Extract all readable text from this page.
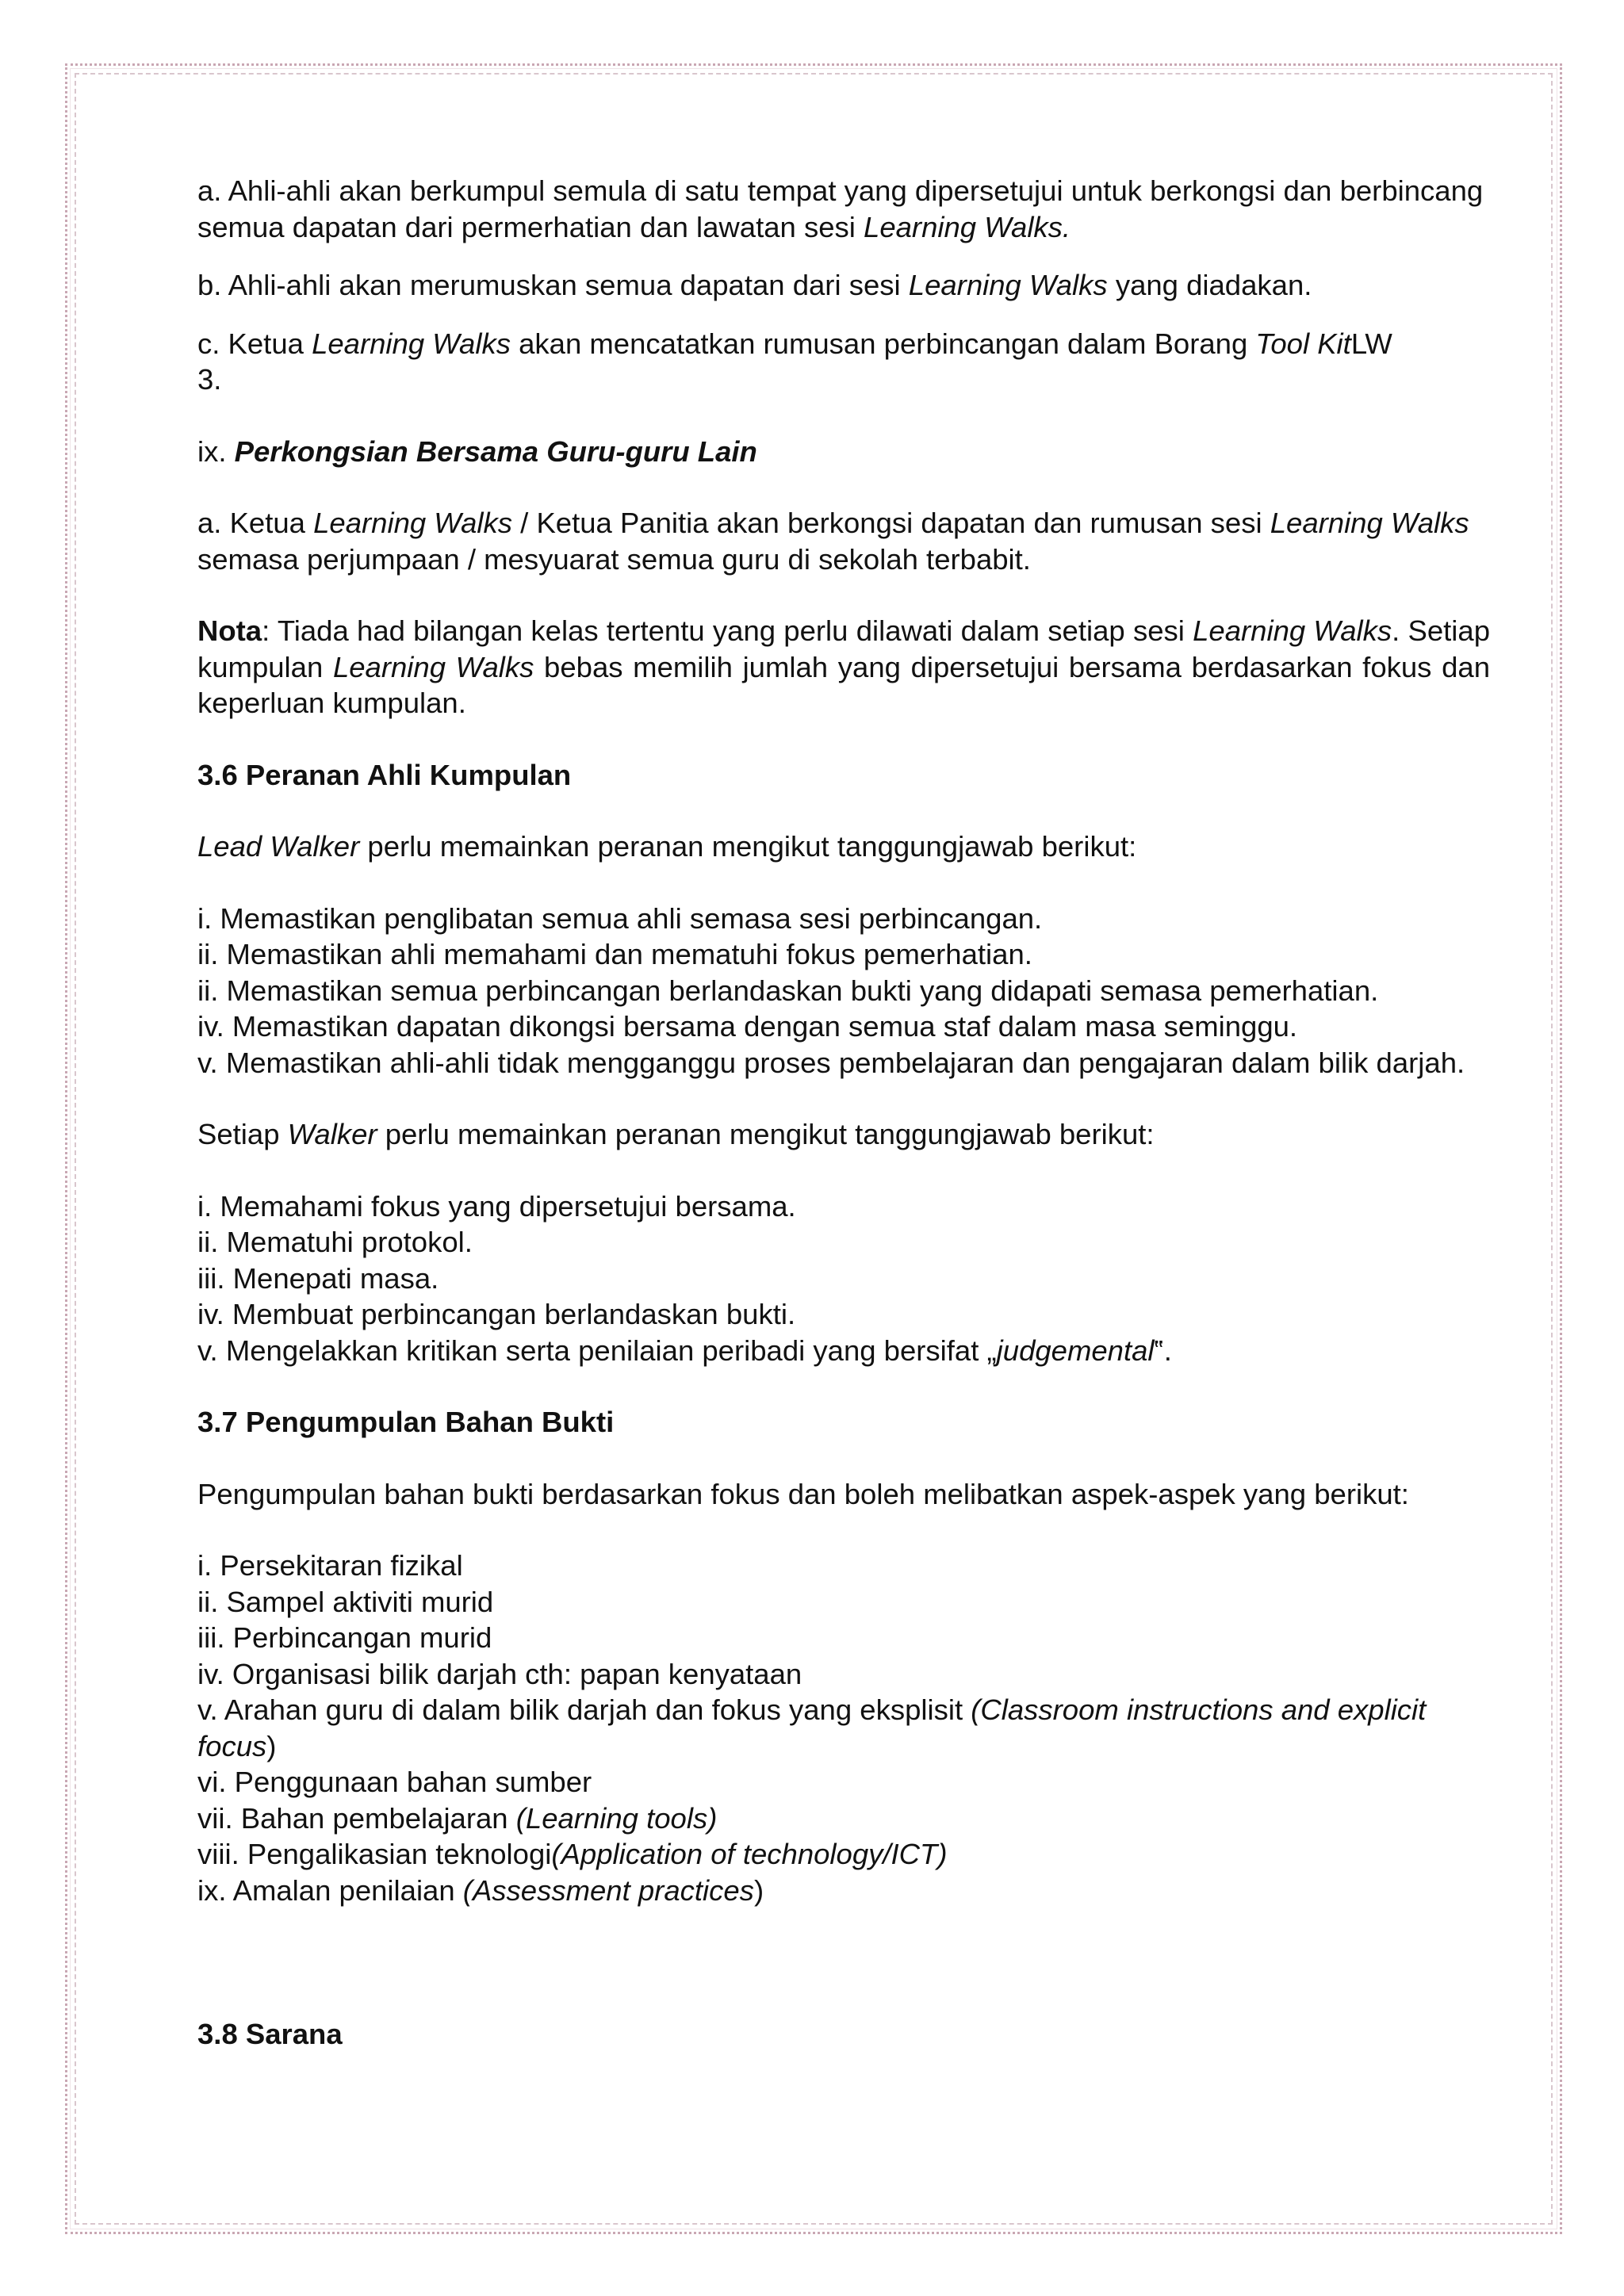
a. Ahli-ahli akan berkumpul semula di satu tempat yang dipersetujui untuk berkongsi dan berbincang semua dapatan dari permerhatian dan lawatan sesi Learning Walks.

b. Ahli-ahli akan merumuskan semua dapatan dari sesi Learning Walks yang diadakan.

c. Ketua Learning Walks akan mencatatkan rumusan perbincangan dalam Borang Tool KitLW 3.

ix. Perkongsian Bersama Guru-guru Lain

a. Ketua Learning Walks / Ketua Panitia akan berkongsi dapatan dan rumusan sesi Learning Walks semasa perjumpaan / mesyuarat semua guru di sekolah terbabit.

Nota: Tiada had bilangan kelas tertentu yang perlu dilawati dalam setiap sesi Learning Walks. Setiap kumpulan Learning Walks bebas memilih jumlah yang dipersetujui bersama berdasarkan fokus dan keperluan kumpulan.

3.6 Peranan Ahli Kumpulan

Lead Walker perlu memainkan peranan mengikut tanggungjawab berikut:

i. Memastikan penglibatan semua ahli semasa sesi perbincangan.

ii. Memastikan ahli memahami dan mematuhi fokus pemerhatian.

ii. Memastikan semua perbincangan berlandaskan bukti yang didapati semasa pemerhatian.

iv. Memastikan dapatan dikongsi bersama dengan semua staf dalam masa seminggu.

v. Memastikan ahli-ahli tidak mengganggu proses pembelajaran dan pengajaran dalam bilik darjah.

Setiap Walker perlu memainkan peranan mengikut tanggungjawab berikut:

i. Memahami fokus yang dipersetujui bersama.

ii. Mematuhi protokol.

iii. Menepati masa.

iv. Membuat perbincangan berlandaskan bukti.

v. Mengelakkan kritikan serta penilaian peribadi yang bersifat „judgemental‟.

3.7 Pengumpulan Bahan Bukti

Pengumpulan bahan bukti berdasarkan fokus dan boleh melibatkan aspek-aspek yang berikut:

i. Persekitaran fizikal

ii. Sampel aktiviti murid

iii. Perbincangan murid

iv. Organisasi bilik darjah cth: papan kenyataan

v. Arahan guru di dalam bilik darjah dan fokus yang eksplisit (Classroom instructions and explicit focus)

vi. Penggunaan bahan sumber

vii. Bahan pembelajaran (Learning tools)

viii. Pengalikasian teknologi(Application of technology/ICT)

ix. Amalan penilaian (Assessment practices)

3.8 Sarana
